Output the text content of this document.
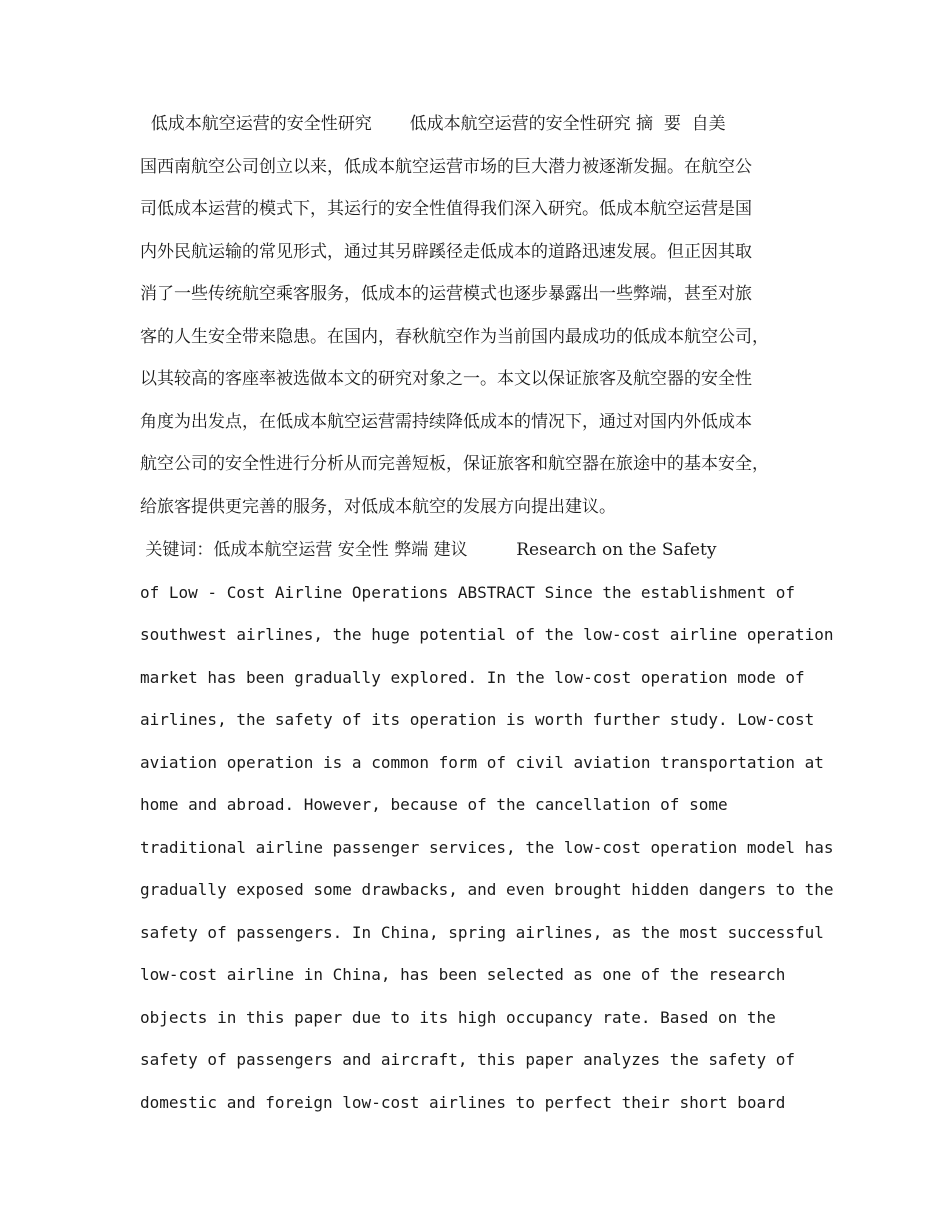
低成本航空运营的安全性研究       低成本航空运营的安全性研究 摘  要  自美
国西南航空公司创立以来，低成本航空运营市场的巨大潜力被逐渐发掘。在航空公
司低成本运营的模式下，其运行的安全性值得我们深入研究。低成本航空运营是国
内外民航运输的常见形式，通过其另辟蹊径走低成本的道路迅速发展。但正因其取
消了一些传统航空乘客服务，低成本的运营模式也逐步暴露出一些弊端，甚至对旅
客的人生安全带来隐患。在国内，春秋航空作为当前国内最成功的低成本航空公司，
以其较高的客座率被选做本文的研究对象之一。本文以保证旅客及航空器的安全性
角度为出发点，在低成本航空运营需持续降低成本的情况下，通过对国内外低成本
航空公司的安全性进行分析从而完善短板，保证旅客和航空器在旅途中的基本安全，
给旅客提供更完善的服务，对低成本航空的发展方向提出建议。
关键词：低成本航空运营 安全性 弊端 建议         Research on the Safety
of Low - Cost Airline Operations ABSTRACT Since the establishment of
southwest airlines, the huge potential of the low-cost airline operation
market has been gradually explored. In the low-cost operation mode of
airlines, the safety of its operation is worth further study. Low-cost
aviation operation is a common form of civil aviation transportation at
home and abroad. However, because of the cancellation of some
traditional airline passenger services, the low-cost operation model has
gradually exposed some drawbacks, and even brought hidden dangers to the
safety of passengers. In China, spring airlines, as the most successful
low-cost airline in China, has been selected as one of the research
objects in this paper due to its high occupancy rate. Based on the
safety of passengers and aircraft, this paper analyzes the safety of
domestic and foreign low-cost airlines to perfect their short board
